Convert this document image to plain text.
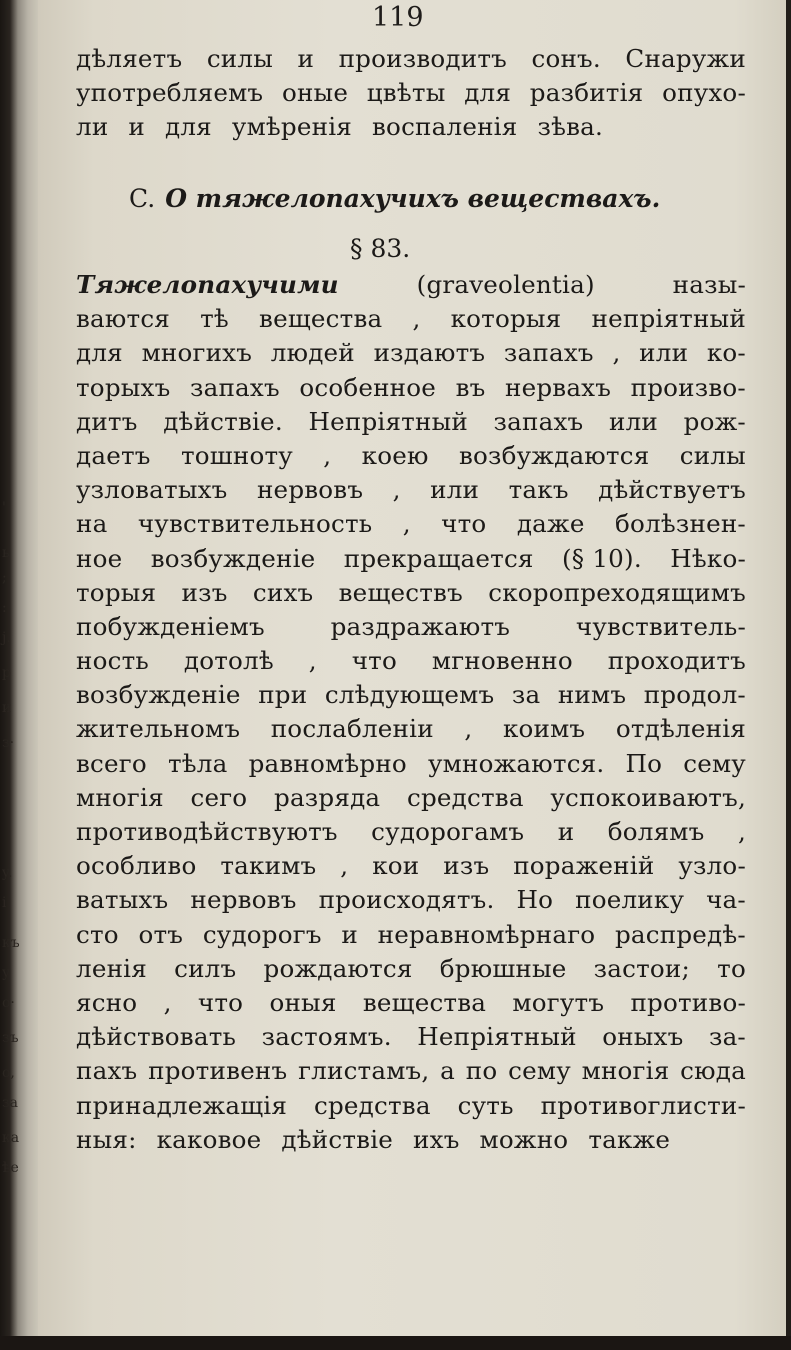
'
ь
;
:
j.
р
и
з·
y.
і
къ
у
о·
зъ
о,
за
ка
ѣе
119
дѣляетъ силы и производитъ сонъ. Снаружи
употребляемъ оные цвѣты для разбитія опухо-
ли и для умѣренія воспаленія зѣва.
C. О тяжелопахучихъ веществахъ.
§ 83.
Тяжелопахучими	(graveolentia)	назы-
ваются тѣ вещества , которыя непріятный
для многихъ людей издаютъ запахъ , или ко-
торыхъ запахъ особенное въ нервахъ произво-
дитъ дѣйствіе. Непріятный запахъ или рож-
даетъ тошноту , коею возбуждаются силы
узловатыхъ нервовъ , или такъ дѣйствуетъ
на чувствительность , что даже болѣзнен-
ное возбужденіе прекращается (§ 10). Нѣко-
торыя изъ сихъ веществъ скоропреходящимъ
побужденіемъ	раздражаютъ	чувствитель-
ность дотолѣ , что мгновенно проходитъ
возбужденіе при слѣдующемъ за нимъ продол-
жительномъ послабленіи , коимъ отдѣленія
всего тѣла равномѣрно умножаются. По сему
многія сего разряда средства успокоиваютъ,
противодѣйствуютъ судорогамъ и болямъ ,
особливо такимъ , кои изъ пораженій узло-
ватыхъ нервовъ происходятъ. Но поелику ча-
сто отъ судорогъ и неравномѣрнаго распредѣ-
ленія силъ рождаются брюшные застои; то
ясно , что оныя вещества могутъ противо-
дѣйствовать застоямъ. Непріятный оныхъ за-
пахъ противенъ глистамъ, а по сему многія сюда
принадлежащія средства суть противоглисти-
ныя: каковое дѣйствіе ихъ можно также
